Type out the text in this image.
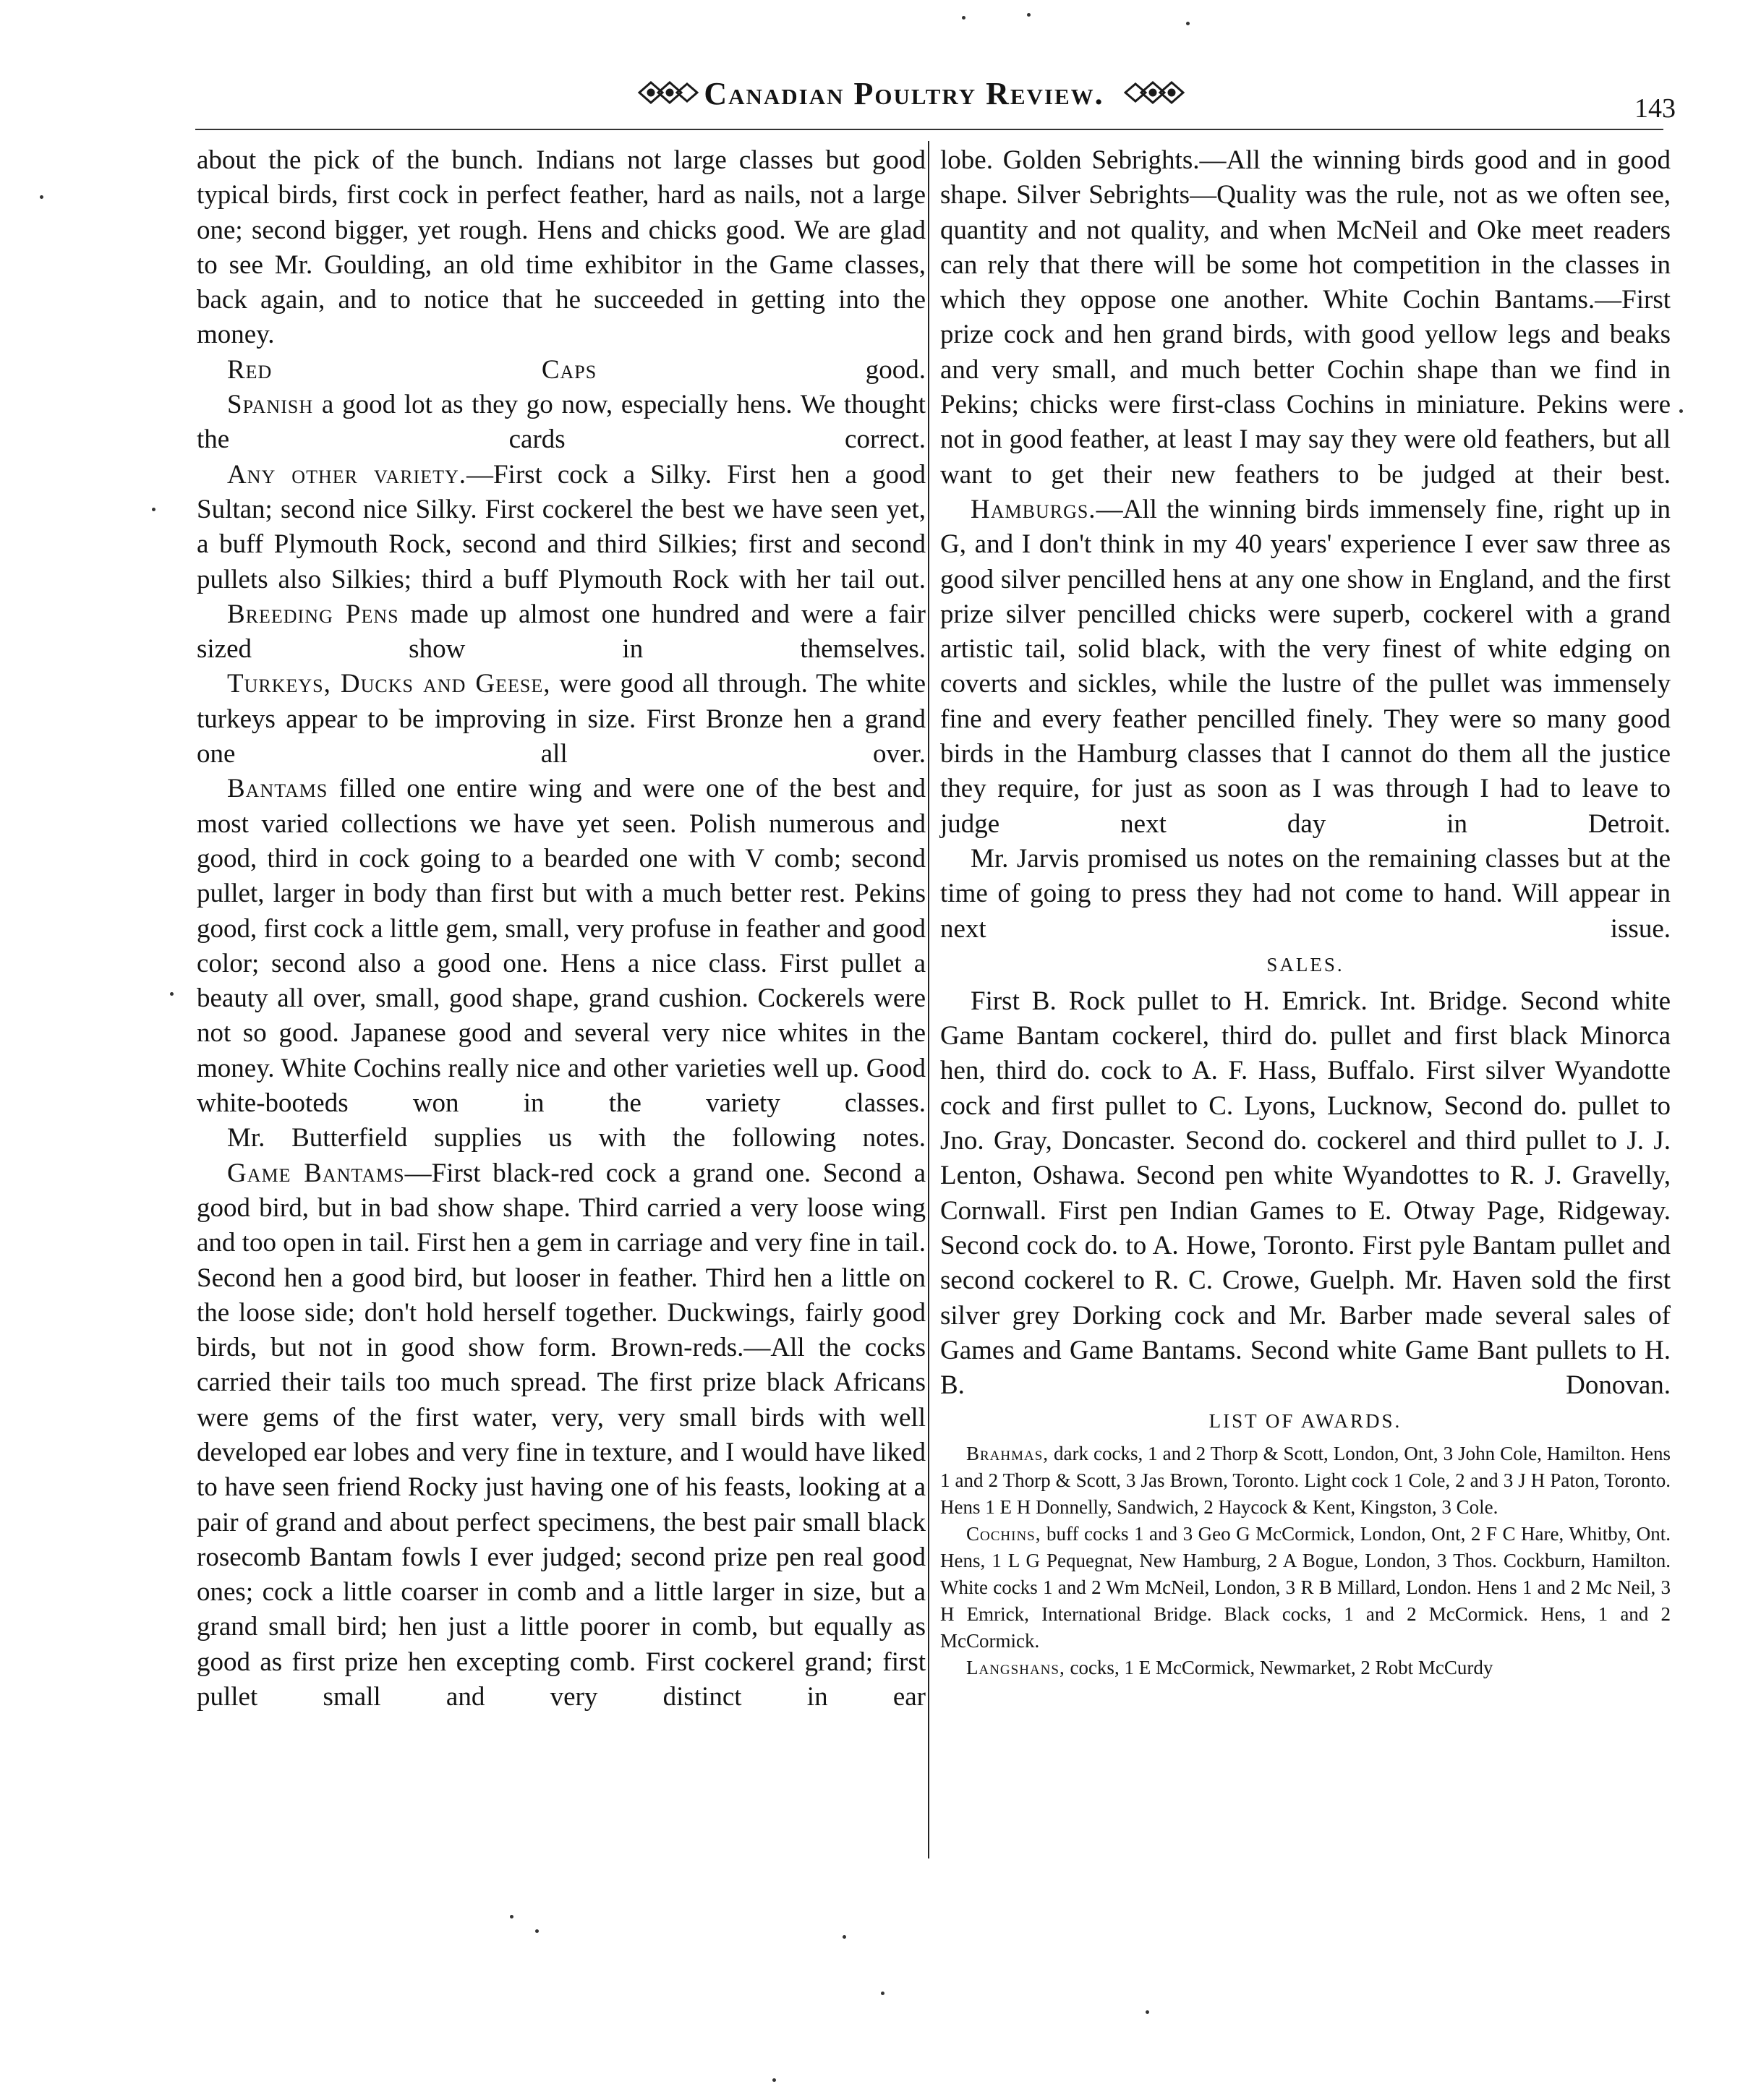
Canadian Poultry Review.	143

about the pick of the bunch. Indians not large classes but good typical birds, first cock in perfect feather, hard as nails, not a large one; second bigger, yet rough. Hens and chicks good. We are glad to see Mr. Goulding, an old time exhibitor in the Game classes, back again, and to notice that he succeeded in getting into the money.

Red Caps good.

Spanish a good lot as they go now, especially hens. We thought the cards correct.

Any other variety.—First cock a Silky. First hen a good Sultan; second nice Silky. First cockerel the best we have seen yet, a buff Plymouth Rock, second and third Silkies; first and second pullets also Silkies; third a buff Plymouth Rock with her tail out.

Breeding Pens made up almost one hundred and were a fair sized show in themselves.

Turkeys, Ducks and Geese, were good all through. The white turkeys appear to be improving in size. First Bronze hen a grand one all over.

Bantams filled one entire wing and were one of the best and most varied collections we have yet seen. Polish numerous and good, third in cock going to a bearded one with V comb; second pullet, larger in body than first but with a much better rest. Pekins good, first cock a little gem, small, very profuse in feather and good color; second also a good one. Hens a nice class. First pullet a beauty all over, small, good shape, grand cushion. Cockerels were not so good. Japanese good and several very nice whites in the money. White Cochins really nice and other varieties well up. Good white-booteds won in the variety classes.

Mr. Butterfield supplies us with the following notes.

Game Bantams—First black-red cock a grand one. Second a good bird, but in bad show shape. Third carried a very loose wing and too open in tail. First hen a gem in carriage and very fine in tail. Second hen a good bird, but looser in feather. Third hen a little on the loose side; don't hold herself together. Duckwings, fairly good birds, but not in good show form. Brown-reds.—All the cocks carried their tails too much spread. The first prize black Africans were gems of the first water, very, very small birds with well developed ear lobes and very fine in texture, and I would have liked to have seen friend Rocky just having one of his feasts, looking at a pair of grand and about perfect specimens, the best pair small black rosecomb Bantam fowls I ever judged; second prize pen real good ones; cock a little coarser in comb and a little larger in size, but a grand small bird; hen just a little poorer in comb, but equally as good as first prize hen excepting comb. First cockerel grand; first pullet small and very distinct in ear

lobe. Golden Sebrights.—All the winning birds good and in good shape. Silver Sebrights—Quality was the rule, not as we often see, quantity and not quality, and when McNeil and Oke meet readers can rely that there will be some hot competition in the classes in which they oppose one another. White Cochin Bantams.—First prize cock and hen grand birds, with good yellow legs and beaks and very small, and much better Cochin shape than we find in Pekins; chicks were first-class Cochins in miniature. Pekins were not in good feather, at least I may say they were old feathers, but all want to get their new feathers to be judged at their best.

Hamburgs.—All the winning birds immensely fine, right up in G, and I don't think in my 40 years' experience I ever saw three as good silver pencilled hens at any one show in England, and the first prize silver pencilled chicks were superb, cockerel with a grand artistic tail, solid black, with the very finest of white edging on coverts and sickles, while the lustre of the pullet was immensely fine and every feather pencilled finely. They were so many good birds in the Hamburg classes that I cannot do them all the justice they require, for just as soon as I was through I had to leave to judge next day in Detroit.

Mr. Jarvis promised us notes on the remaining classes but at the time of going to press they had not come to hand. Will appear in next issue.

SALES.

First B. Rock pullet to H. Emrick. Int. Bridge. Second white Game Bantam cockerel, third do. pullet and first black Minorca hen, third do. cock to A. F. Hass, Buffalo. First silver Wyandotte cock and first pullet to C. Lyons, Lucknow, Second do. pullet to Jno. Gray, Doncaster. Second do. cockerel and third pullet to J. J. Lenton, Oshawa. Second pen white Wyandottes to R. J. Gravelly, Cornwall. First pen Indian Games to E. Otway Page, Ridgeway. Second cock do. to A. Howe, Toronto. First pyle Bantam pullet and second cockerel to R. C. Crowe, Guelph. Mr. Haven sold the first silver grey Dorking cock and Mr. Barber made several sales of Games and Game Bantams. Second white Game Bant pullets to H. B. Donovan.

LIST OF AWARDS.

Brahmas, dark cocks, 1 and 2 Thorp & Scott, London, Ont, 3 John Cole, Hamilton. Hens 1 and 2 Thorp & Scott, 3 Jas Brown, Toronto. Light cock 1 Cole, 2 and 3 J H Paton, Toronto. Hens 1 E H Donnelly, Sandwich, 2 Haycock & Kent, Kingston, 3 Cole.

Cochins, buff cocks 1 and 3 Geo G McCormick, London, Ont, 2 F C Hare, Whitby, Ont. Hens, 1 L G Pequegnat, New Hamburg, 2 A Bogue, London, 3 Thos. Cockburn, Hamilton. White cocks 1 and 2 Wm McNeil, London, 3 R B Millard, London. Hens 1 and 2 Mc Neil, 3 H Emrick, International Bridge. Black cocks, 1 and 2 McCormick. Hens, 1 and 2 McCormick.

Langshans, cocks, 1 E McCormick, Newmarket, 2 Robt McCurdy
